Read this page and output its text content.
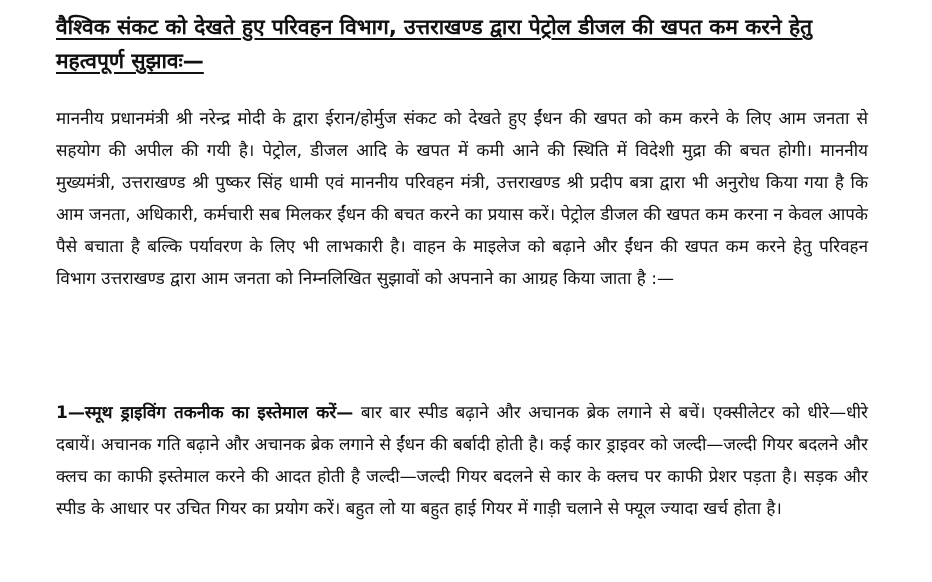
वैश्विक संकट को देखते हुए परिवहन विभाग, उत्तराखण्ड द्वारा पेट्रोल डीजल की खपत कम करने हेतु महत्वपूर्ण सुझावः—
माननीय प्रधानमंत्री श्री नरेन्द्र मोदी के द्वारा ईरान/होर्मुज संकट को देखते हुए ईंधन की खपत को कम करने के लिए आम जनता से सहयोग की अपील की गयी है। पेट्रोल, डीजल आदि के खपत में कमी आने की स्थिति में विदेशी मुद्रा की बचत होगी। माननीय मुख्यमंत्री, उत्तराखण्ड श्री पुष्कर सिंह धामी एवं माननीय परिवहन मंत्री, उत्तराखण्ड श्री प्रदीप बत्रा द्वारा भी अनुरोध किया गया है कि आम जनता, अधिकारी, कर्मचारी सब मिलकर ईंधन की बचत करने का प्रयास करें। पेट्रोल डीजल की खपत कम करना न केवल आपके पैसे बचाता है बल्कि पर्यावरण के लिए भी लाभकारी है। वाहन के माइलेज को बढ़ाने और ईंधन की खपत कम करने हेतु परिवहन विभाग उत्तराखण्ड द्वारा आम जनता को निम्नलिखित सुझावों को अपनाने का आग्रह किया जाता है :—
1—स्मूथ ड्राइविंग तकनीक का इस्तेमाल करें— बार बार स्पीड बढ़ाने और अचानक ब्रेक लगाने से बचें। एक्सीलेटर को धीरे—धीरे दबायें। अचानक गति बढ़ाने और अचानक ब्रेक लगाने से ईंधन की बर्बादी होती है। कई कार ड्राइवर को जल्दी—जल्दी गियर बदलने और क्लच का काफी इस्तेमाल करने की आदत होती है जल्दी—जल्दी गियर बदलने से कार के क्लच पर काफी प्रेशर पड़ता है। सड़क और स्पीड के आधार पर उचित गियर का प्रयोग करें। बहुत लो या बहुत हाई गियर में गाड़ी चलाने से फ्यूल ज्यादा खर्च होता है।
